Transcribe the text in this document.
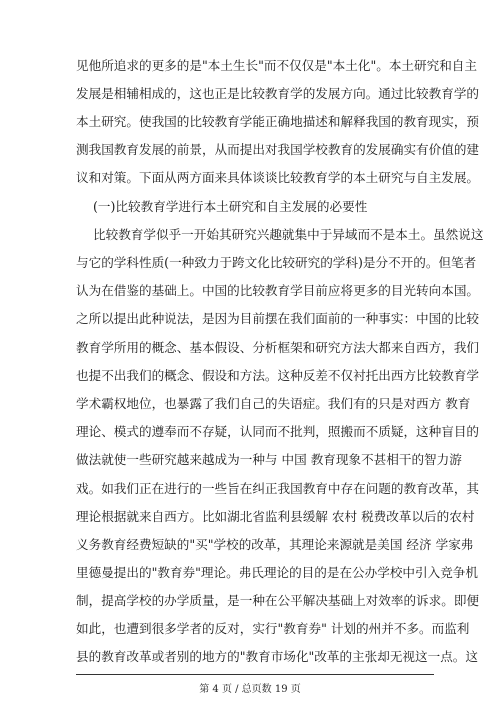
见他所追求的更多的是"本土生长"而不仅仅是"本土化"。本土研究和自主
发展是相辅相成的，这也正是比较教育学的发展方向。通过比较教育学的
本土研究。使我国的比较教育学能正确地描述和解释我国的教育现实，预
测我国教育发展的前景，从而提出对我国学校教育的发展确实有价值的建
议和对策。下面从两方面来具体谈谈比较教育学的本土研究与自主发展。
(一)比较教育学进行本土研究和自主发展的必要性
比较教育学似乎一开始其研究兴趣就集中于异域而不是本土。虽然说这
与它的学科性质(一种致力于跨文化比较研究的学科)是分不开的。但笔者
认为在借鉴的基础上。中国的比较教育学目前应将更多的目光转向本国。
之所以提出此种说法，是因为目前摆在我们面前的一种事实：中国的比较
教育学所用的概念、基本假设、分析框架和研究方法大都来自西方，我们
也提不出我们的概念、假设和方法。这种反差不仅衬托出西方比较教育学
学术霸权地位，也暴露了我们自己的失语症。我们有的只是对西方 教育
理论、模式的遵奉而不存疑，认同而不批判，照搬而不质疑，这种盲目的
做法就使一些研究越来越成为一种与 中国 教育现象不甚相干的智力游
戏。如我们正在进行的一些旨在纠正我国教育中存在问题的教育改革，其
理论根据就来自西方。比如湖北省监利县缓解 农村 税费改革以后的农村
义务教育经费短缺的"买"学校的改革，其理论来源就是美国 经济 学家弗
里德曼提出的"教育券"理论。弗氏理论的目的是在公办学校中引入竞争机
制，提高学校的办学质量，是一种在公平解决基础上对效率的诉求。即便
如此，也遭到很多学者的反对，实行"教育券" 计划的州并不多。而监利
县的教育改革或者别的地方的"教育市场化"改革的主张却无视这一点。这
第 4 页 / 总页数 19 页
